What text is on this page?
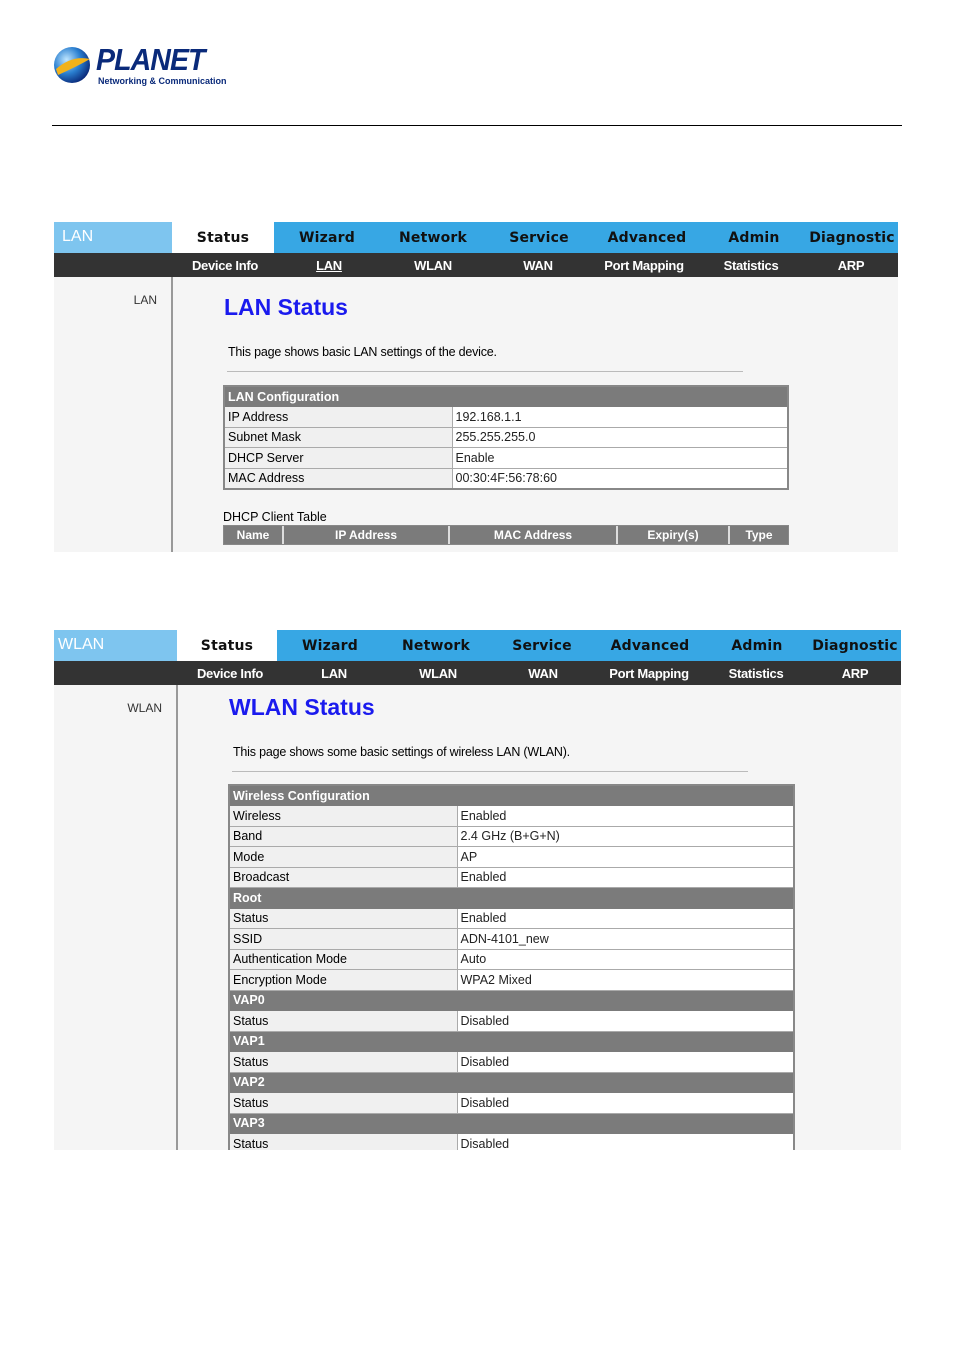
PLANET
Networking & Communication
LAN	Status	Wizard	Network	Service	Advanced	Admin	Diagnostic
Device Info	LAN	WLAN	WAN	Port Mapping	Statistics	ARP
LAN	LAN Status
This page shows basic LAN settings of the device.
LAN Configuration	
IP Address	192.168.1.1
Subnet Mask	255.255.255.0
DHCP Server	Enable
MAC Address	00:30:4F:56:78:60
DHCP Client Table
Name	IP Address	MAC Address	Expiry(s)	Type
WLAN	Status	Wizard	Network	Service	Advanced	Admin	Diagnostic
Device Info	LAN	WLAN	WAN	Port Mapping	Statistics	ARP
WLAN	WLAN Status
This page shows some basic settings of wireless LAN (WLAN).
Wireless Configuration	
Wireless	Enabled
Band	2.4 GHz (B+G+N)
Mode	AP
Broadcast	Enabled
Root	
Status	Enabled
SSID	ADN-4101_new
Authentication Mode	Auto
Encryption Mode	WPA2 Mixed
VAP0	
Status	Disabled
VAP1	
Status	Disabled
VAP2	
Status	Disabled
VAP3	
Status	Disabled
